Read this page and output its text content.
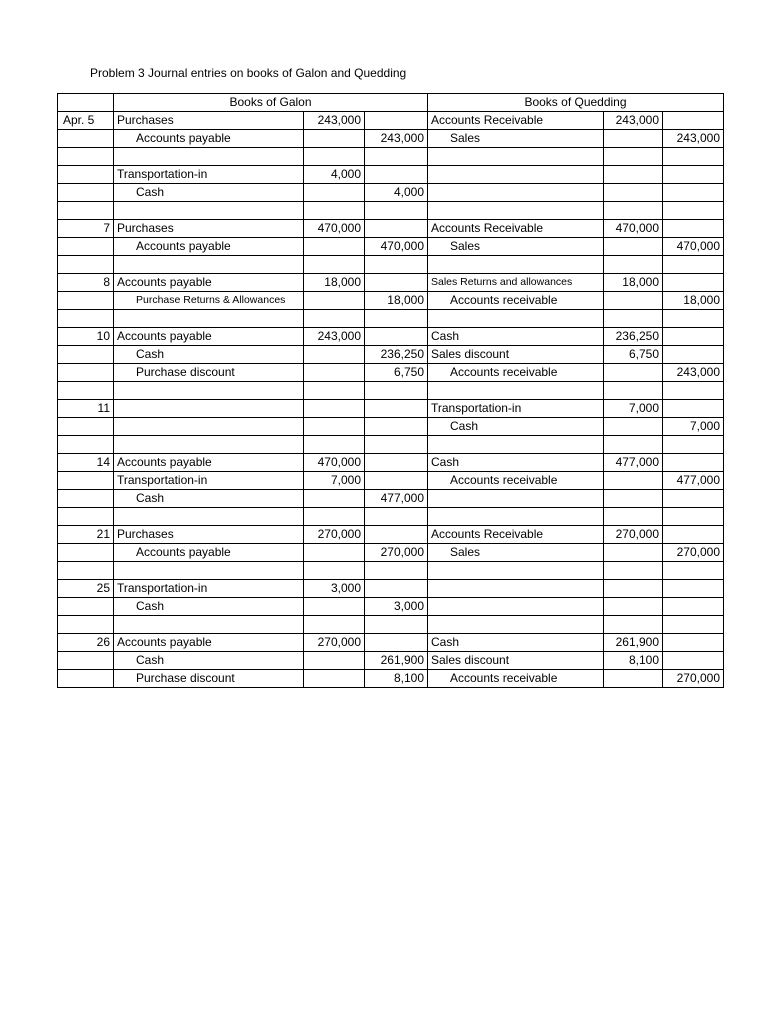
Problem 3 Journal entries on books of Galon and Quedding
	Books of Galon			Books of Quedding		
Apr. 5	Purchases	243,000		Accounts Receivable	243,000	
	Accounts payable		243,000	Sales		243,000

	Transportation-in	4,000				
	Cash		4,000			

7	Purchases	470,000		Accounts Receivable	470,000	
	Accounts payable		470,000	Sales		470,000

8	Accounts payable	18,000		Sales Returns and allowances	18,000	
	Purchase Returns & Allowances		18,000	Accounts receivable		18,000

10	Accounts payable	243,000		Cash	236,250	
	Cash		236,250	Sales discount	6,750	
	Purchase discount		6,750	Accounts receivable		243,000

11				Transportation-in	7,000	
				Cash		7,000

14	Accounts payable	470,000		Cash	477,000	
	Transportation-in	7,000		Accounts receivable		477,000
	Cash		477,000			

21	Purchases	270,000		Accounts Receivable	270,000	
	Accounts payable		270,000	Sales		270,000

25	Transportation-in	3,000				
	Cash		3,000			

26	Accounts payable	270,000		Cash	261,900	
	Cash		261,900	Sales discount	8,100	
	Purchase discount		8,100	Accounts receivable		270,000
